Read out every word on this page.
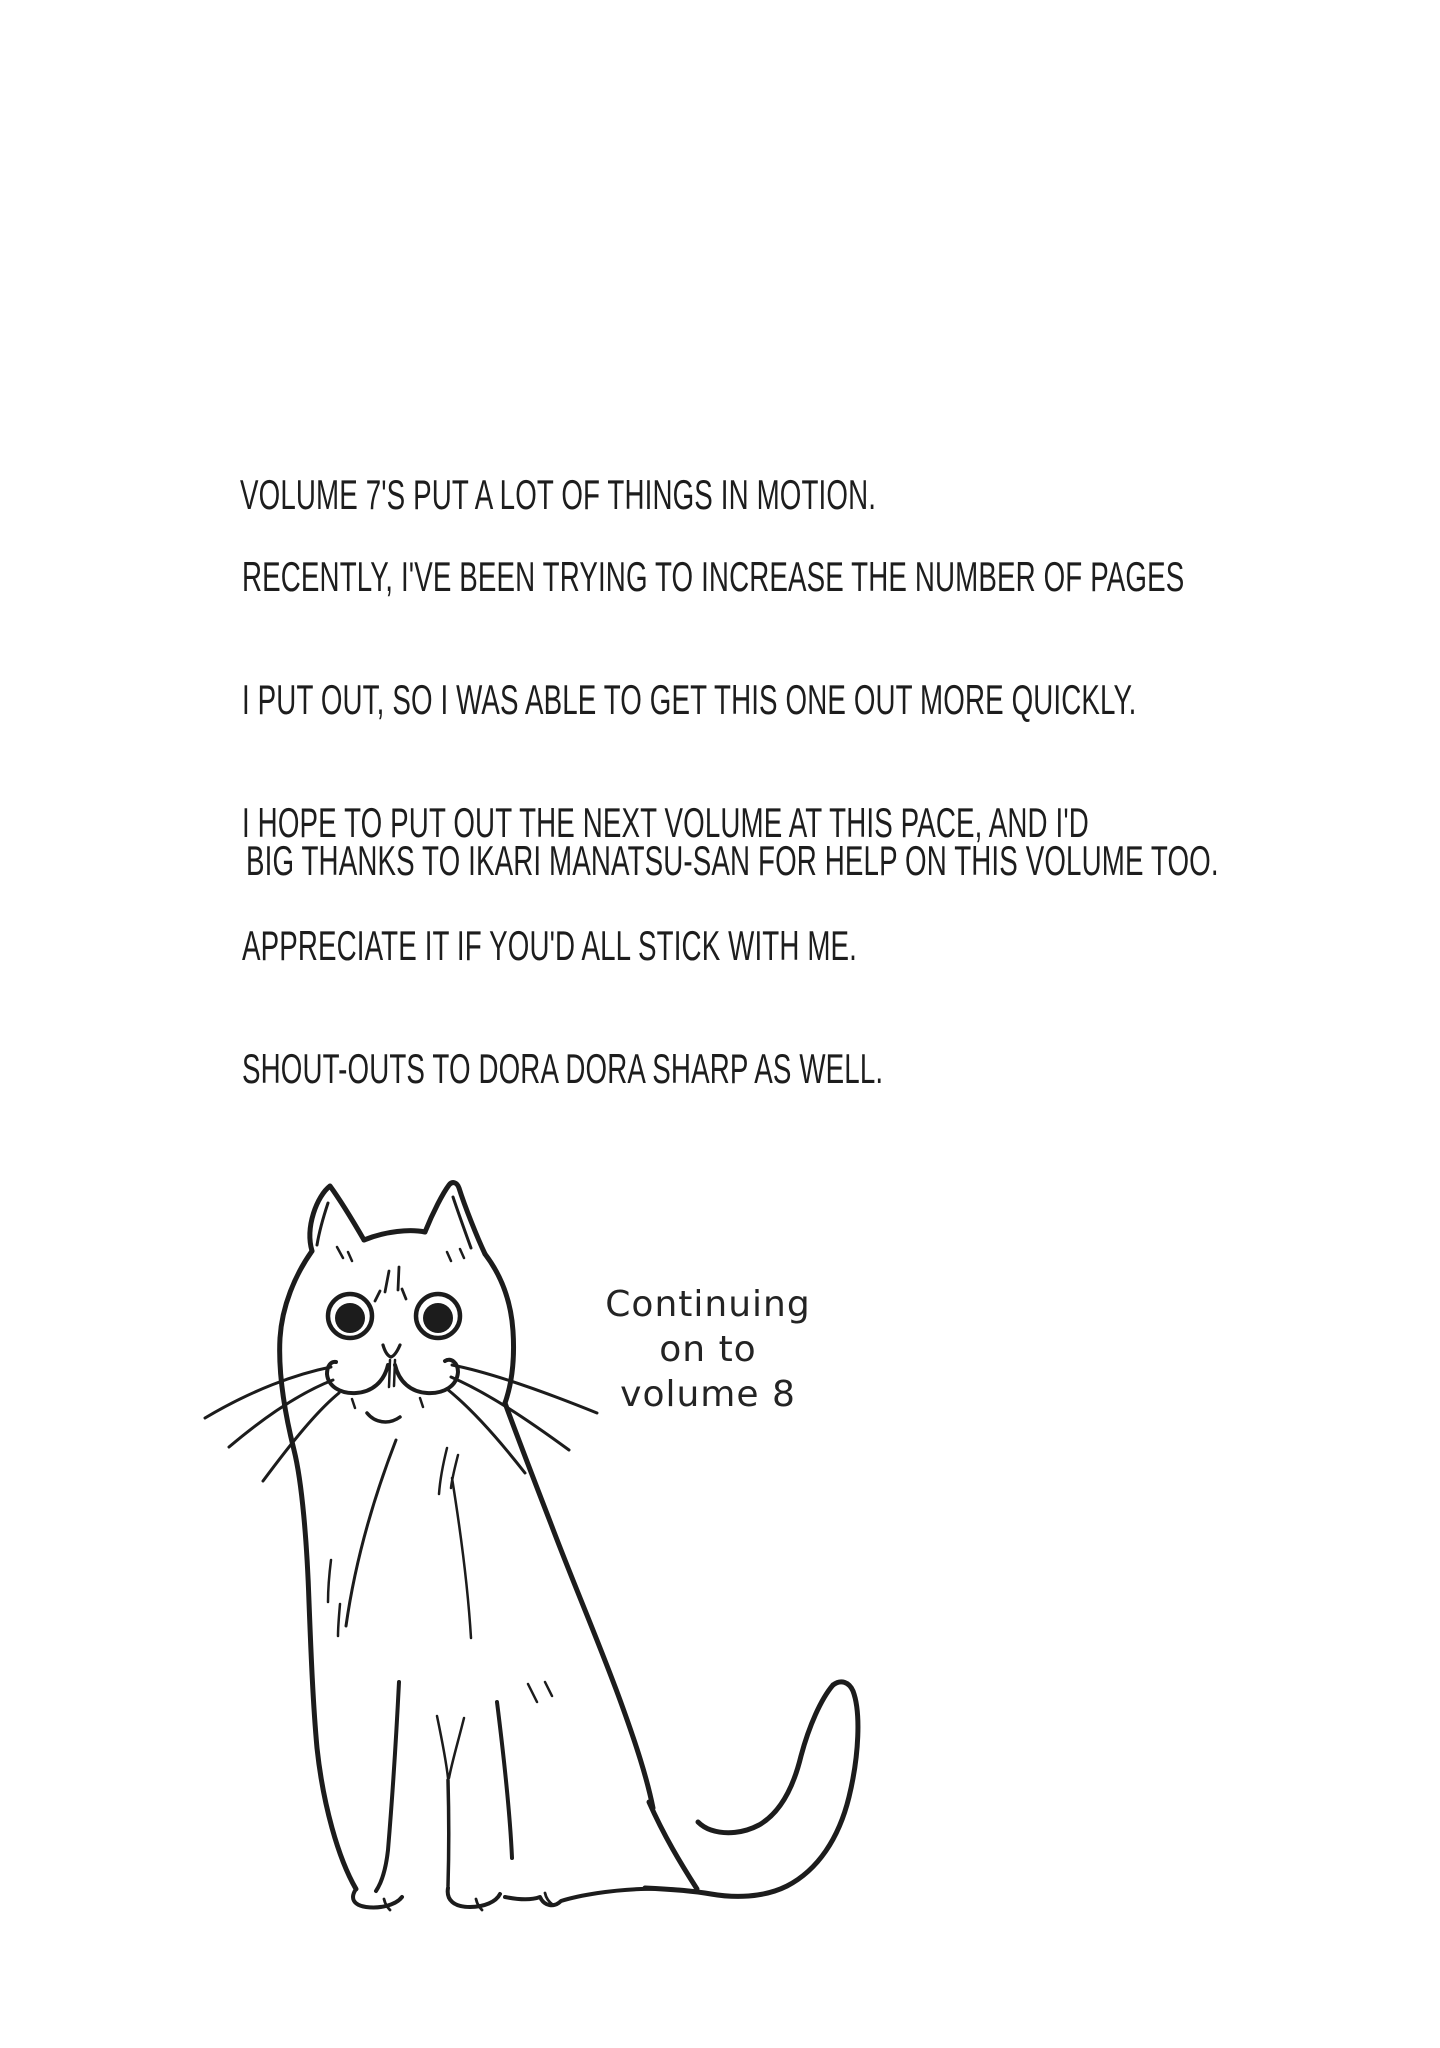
VOLUME 7'S PUT A LOT OF THINGS IN MOTION.

RECENTLY, I'VE BEEN TRYING TO INCREASE THE NUMBER OF PAGES

I PUT OUT, SO I WAS ABLE TO GET THIS ONE OUT MORE QUICKLY.

I HOPE TO PUT OUT THE NEXT VOLUME AT THIS PACE, AND I'D

APPRECIATE IT IF YOU'D ALL STICK WITH ME.

SHOUT-OUTS TO DORA DORA SHARP AS WELL.

BIG THANKS TO IKARI MANATSU-SAN FOR HELP ON THIS VOLUME TOO.

Continuing
on to
volume 8
